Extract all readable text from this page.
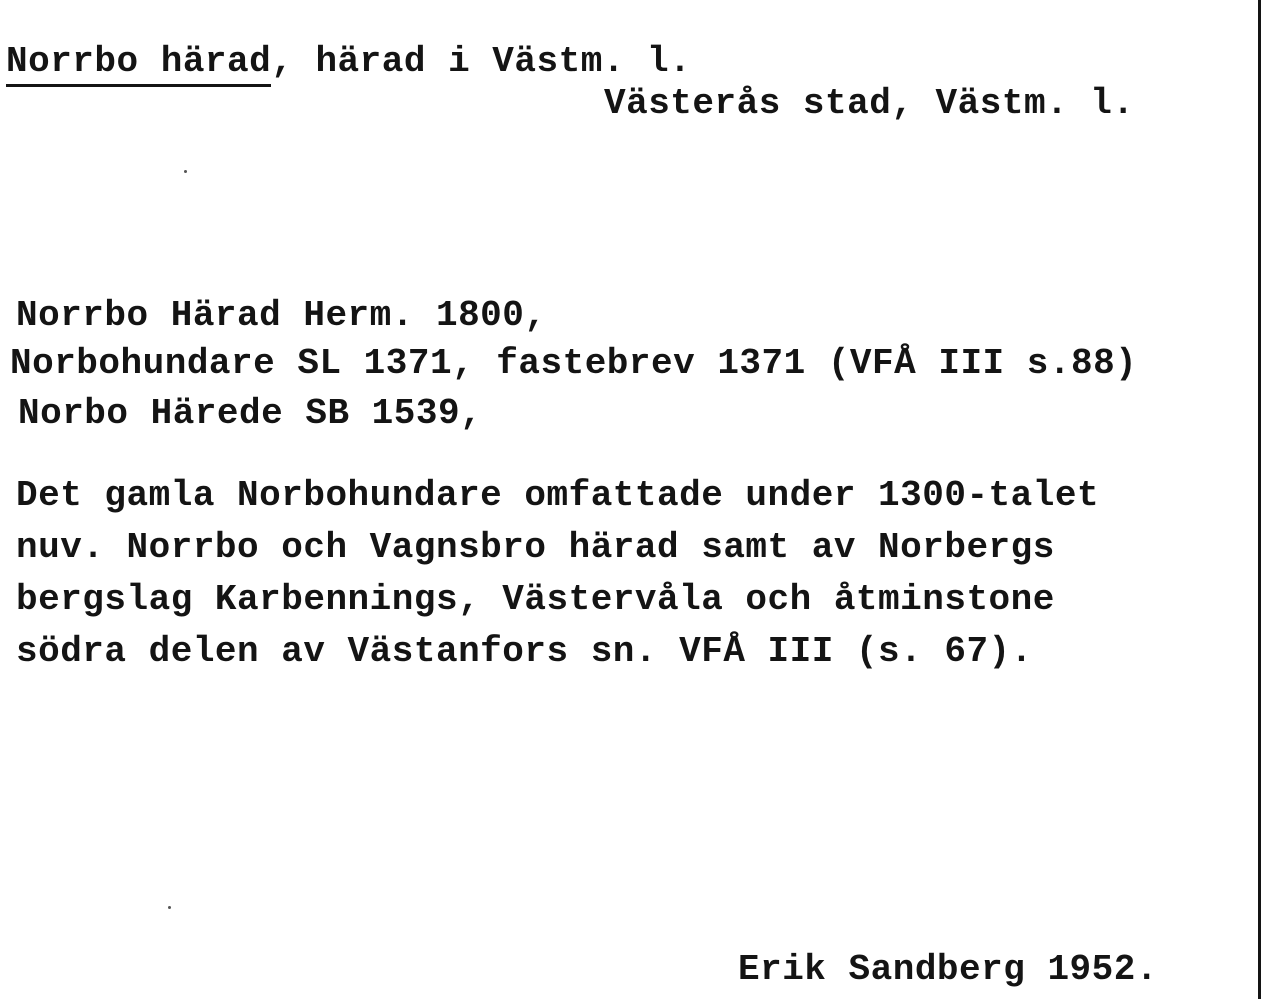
Norrbo härad, härad i Västm. l.
Västerås stad, Västm. l.
Norrbo Härad Herm. 1800,
Norbohundare SL 1371, fastebrev 1371 (VFÅ III s.88)
Norbo Härede SB 1539,
Det gamla Norbohundare omfattade under 1300-talet
nuv. Norrbo och Vagnsbro härad samt av Norbergs
bergslag Karbennings, Västervåla och åtminstone
södra delen av Västanfors sn. VFÅ III (s. 67).
Erik Sandberg 1952.
